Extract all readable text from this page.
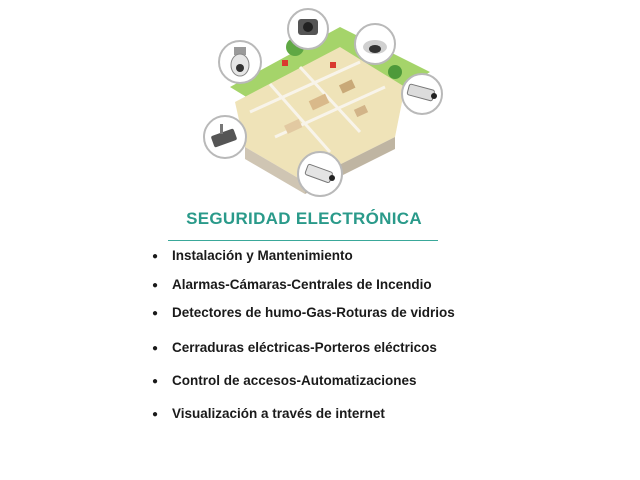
SEGURIDAD ELECTRÓNICA
● Instalación y Mantenimiento
● Alarmas-Cámaras-Centrales de Incendio
● Detectores de humo-Gas-Roturas de vidrios
● Cerraduras eléctricas-Porteros eléctricos
● Control de accesos-Automatizaciones
● Visualización a través de internet
